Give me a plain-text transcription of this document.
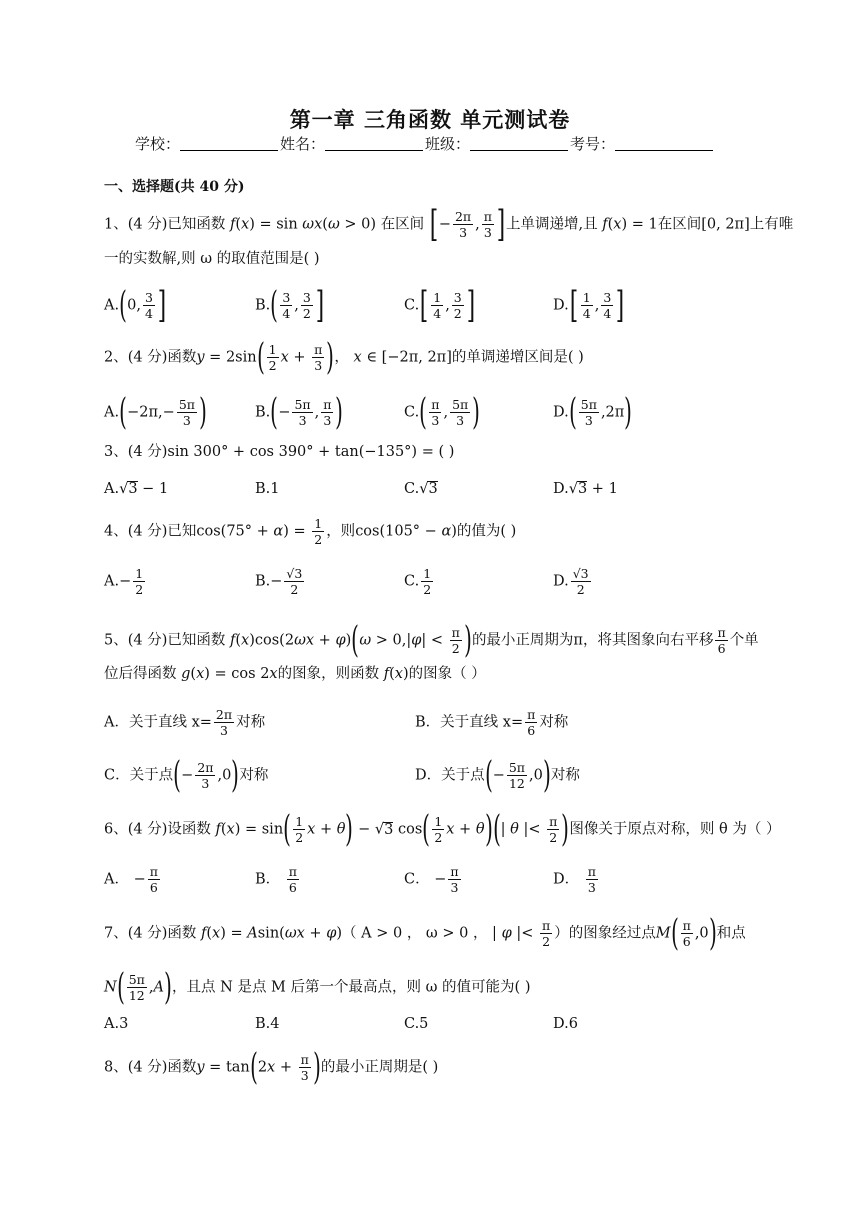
第一章 三角函数 单元测试卷
学校：	姓名：	班级：	考号：
一、选择题(共 40 分)
1、(4 分)已知函数 f(x) = sin ωx(ω > 0) 在区间 [− $\frac{2\pi}{3}$ , $\frac{\pi}{3}$ ]上单调递增,且 f(x) = 1在区间[0, 2π]上有唯
一的实数解,则 ω 的取值范围是( )
A.(0, $\frac{3}{4}$ ]	$B.( \frac{3}{4}$ , $\frac{3}{2}$ ]	$C.[ \frac{1}{4}$ , $\frac{3}{2}$ ]	$D.[ \frac{1}{4}$ , $\frac{3}{4}$ ]
2、(4 分)函数$y = 2\sin( \frac{1}{2}$ $x + \frac{\pi}{3}$ )， x ∈ [−2π, 2π]的单调递增区间是( )
$A.(-2\pi,- \frac{5\pi}{3}$ )	$B.(- \frac{5\pi}{3}$ , $\frac{\pi}{3}$ )	$C.( \frac{\pi}{3}$ , $\frac{5\pi}{3}$ )	$D.( \frac{5\pi}{3} ,2\pi)$
3、(4 分)sin 300° + cos 390° + tan(−135°) = ( )
A.√3 − 1	B.1	C.√3	D.√3 + 1
4、(4 分)已知$\cos(75^\circ + \alpha) = \frac{1}{2}$ ，则cos(105° − α)的值为( )
$A.- \frac{1}{2}$	$B.- \frac{√3}{2}$	C. $\frac{1}{2}$	D. $\frac{√3}{2}$
5、(4 分)已知函数 $f(x)\cos(2\omega x + \varphi)(\omega > 0,|\varphi| < \frac{\pi}{2}$ )的最小正周期为π，将其图象向右平移 $\frac{\pi}{6}$ 个单
位后得函数 g(x) = cos 2x的图象，则函数 f(x)的图象（ ）
A．关于直线 $x= \frac{2\pi}{3}$ 对称	B．关于直线 $x= \frac{\pi}{6}$ 对称
C．关于点(− $\frac{2\pi}{3} ,0$)对称	D．关于点(− $\frac{5\pi}{12} ,0$)对称
6、(4 分)设函数 $f(x) = \sin( \frac{1}{2}$ x + θ) − √3 $\cos( \frac{1}{2}$ x + θ)(| θ |< $\frac{\pi}{2}$ )图像关于原点对称，则 θ 为（ ）
A． − $\frac{\pi}{6}$	B． $\frac{\pi}{6}$	C． − $\frac{\pi}{3}$	D． $\frac{\pi}{3}$
7、(4 分)函数 f(x) = Asin(ωx + φ)（ A > 0 ， ω > 0 ， | φ |< $\frac{\pi}{2}$ ）的图象经过点$M( \frac{\pi}{6} ,0)$和点
$N( \frac{5\pi}{12} ,A)$，且点 N 是点 M 后第一个最高点，则 ω 的值可能为( )
A.3	B.4	C.5	D.6
8、(4 分)函数$y = \tan(2x + \frac{\pi}{3}$ )的最小正周期是( )
